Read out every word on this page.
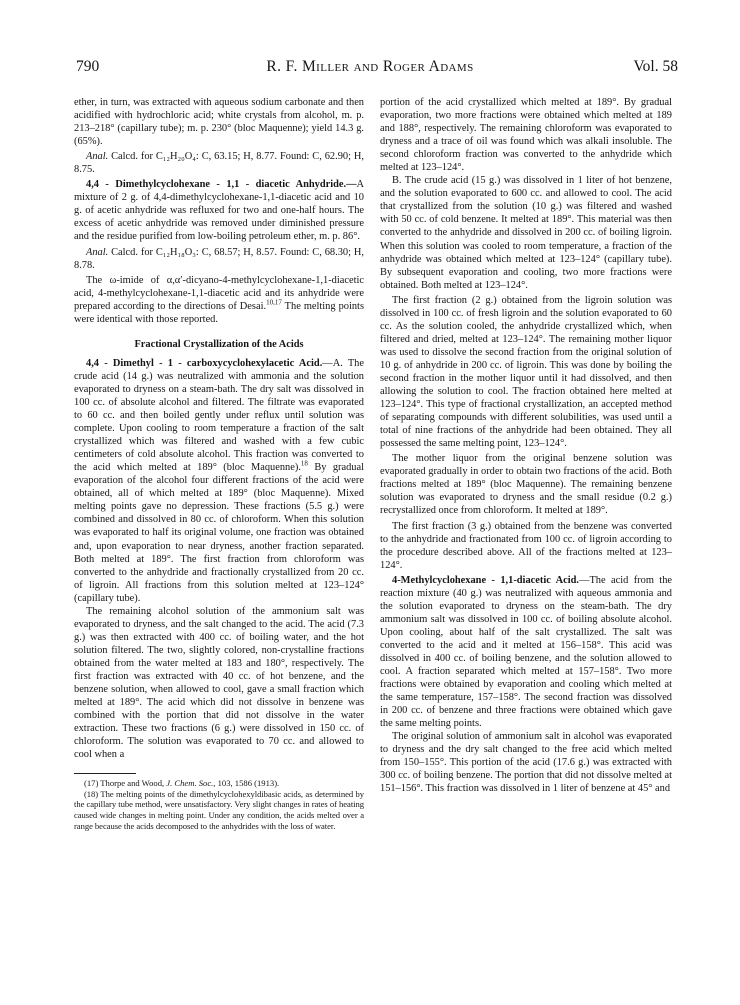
790	R. F. Miller and Roger Adams	Vol. 58

ether, in turn, was extracted with aqueous sodium carbonate and then acidified with hydrochloric acid; white crystals from alcohol, m. p. 213–218° (capillary tube); m. p. 230° (bloc Maquenne); yield 14.3 g. (65%).

Anal. Calcd. for C₁₂H₂₀O₄: C, 63.15; H, 8.77. Found: C, 62.90; H, 8.75.

4,4 - Dimethylcyclohexane - 1,1 - diacetic Anhydride.—A mixture of 2 g. of 4,4-dimethylcyclohexane-1,1-diacetic acid and 10 g. of acetic anhydride was refluxed for two and one-half hours. The excess of acetic anhydride was removed under diminished pressure and the residue purified from low-boiling petroleum ether, m. p. 86°.

Anal. Calcd. for C₁₂H₁₈O₃: C, 68.57; H, 8.57. Found: C, 68.30; H, 8.78.

The ω-imide of α,α′-dicyano-4-methylcyclohexane-1,1-diacetic acid, 4-methylcyclohexane-1,1-diacetic acid and its anhydride were prepared according to the directions of Desai.$^{10,17}$ The melting points were identical with those reported.

Fractional Crystallization of the Acids

4,4 - Dimethyl - 1 - carboxycyclohexylacetic Acid.—A. The crude acid (14 g.) was neutralized with ammonia and the solution evaporated to dryness on a steam-bath. The dry salt was dissolved in 100 cc. of absolute alcohol and filtered. The filtrate was evaporated to 60 cc. and then boiled gently under reflux until solution was complete. Upon cooling to room temperature a fraction of the salt crystallized which was filtered and washed with a few cubic centimeters of cold absolute alcohol. This fraction was converted to the acid which melted at 189° (bloc Maquenne).$^{18}$ By gradual evaporation of the alcohol four different fractions of the acid were obtained, all of which melted at 189° (bloc Maquenne). Mixed melting points gave no depression. These fractions (5.5 g.) were combined and dissolved in 80 cc. of chloroform. When this solution was evaporated to half its original volume, one fraction was obtained and, upon evaporation to near dryness, another fraction separated. Both melted at 189°. The first fraction from chloroform was converted to the anhydride and fractionally crystallized from 20 cc. of ligroin. All fractions from this solution melted at 123–124° (capillary tube).

The remaining alcohol solution of the ammonium salt was evaporated to dryness, and the salt changed to the acid. The acid (7.3 g.) was then extracted with 400 cc. of boiling water, and the hot solution filtered. The two, slightly colored, non-crystalline fractions obtained from the water melted at 183 and 180°, respectively. The first fraction was extracted with 40 cc. of hot benzene, and the benzene solution, when allowed to cool, gave a small fraction which melted at 189°. The acid which did not dissolve in benzene was combined with the portion that did not dissolve in the water extraction. These two fractions (6 g.) were dissolved in 150 cc. of chloroform. The solution was evaporated to 70 cc. and allowed to cool when a

(17) Thorpe and Wood, J. Chem. Soc., 103, 1586 (1913).

(18) The melting points of the dimethylcyclohexyldibasic acids, as determined by the capillary tube method, were unsatisfactory. Very slight changes in rates of heating caused wide changes in melting point. Under any condition, the acids melted over a range because the acids decomposed to the anhydrides with the loss of water.

portion of the acid crystallized which melted at 189°. By gradual evaporation, two more fractions were obtained which melted at 189 and 188°, respectively. The remaining chloroform was evaporated to dryness and a trace of oil was found which was alkali insoluble. The second chloroform fraction was converted to the anhydride which melted at 123–124°.

B. The crude acid (15 g.) was dissolved in 1 liter of hot benzene, and the solution evaporated to 600 cc. and allowed to cool. The acid that crystallized from the solution (10 g.) was filtered and washed with 50 cc. of cold benzene. It melted at 189°. This material was then converted to the anhydride and dissolved in 200 cc. of boiling ligroin. When this solution was cooled to room temperature, a fraction of the anhydride was obtained which melted at 123–124° (capillary tube). By subsequent evaporation and cooling, two more fractions were obtained. Both melted at 123–124°.

The first fraction (2 g.) obtained from the ligroin solution was dissolved in 100 cc. of fresh ligroin and the solution evaporated to 60 cc. As the solution cooled, the anhydride crystallized which, when filtered and dried, melted at 123–124°. The remaining mother liquor was used to dissolve the second fraction from the original solution of 10 g. of anhydride in 200 cc. of ligroin. This was done by boiling the second fraction in the mother liquor until it had dissolved, and then allowing the solution to cool. The fraction obtained here melted at 123–124°. This type of fractional crystallization, an accepted method of separating compounds with different solubilities, was used until a total of nine fractions of the anhydride had been obtained. They all possessed the same melting point, 123–124°.

The mother liquor from the original benzene solution was evaporated gradually in order to obtain two fractions of the acid. Both fractions melted at 189° (bloc Maquenne). The remaining benzene solution was evaporated to dryness and the small residue (0.2 g.) recrystallized once from chloroform. It melted at 189°.

The first fraction (3 g.) obtained from the benzene was converted to the anhydride and fractionated from 100 cc. of ligroin according to the procedure described above. All of the fractions melted at 123–124°.

4-Methylcyclohexane - 1,1-diacetic Acid.—The acid from the reaction mixture (40 g.) was neutralized with aqueous ammonia and the solution evaporated to dryness on the steam-bath. The dry ammonium salt was dissolved in 100 cc. of boiling absolute alcohol. Upon cooling, about half of the salt crystallized. The salt was converted to the acid and it melted at 156–158°. This acid was dissolved in 400 cc. of boiling benzene, and the solution allowed to cool. A fraction separated which melted at 157–158°. Two more fractions were obtained by evaporation and cooling which melted at the same temperature, 157–158°. The second fraction was dissolved in 200 cc. of benzene and three fractions were obtained which gave the same melting points.

The original solution of ammonium salt in alcohol was evaporated to dryness and the dry salt changed to the free acid which melted from 150–155°. This portion of the acid (17.6 g.) was extracted with 300 cc. of boiling benzene. The portion that did not dissolve melted at 151–156°. This fraction was dissolved in 1 liter of benzene at 45° and
